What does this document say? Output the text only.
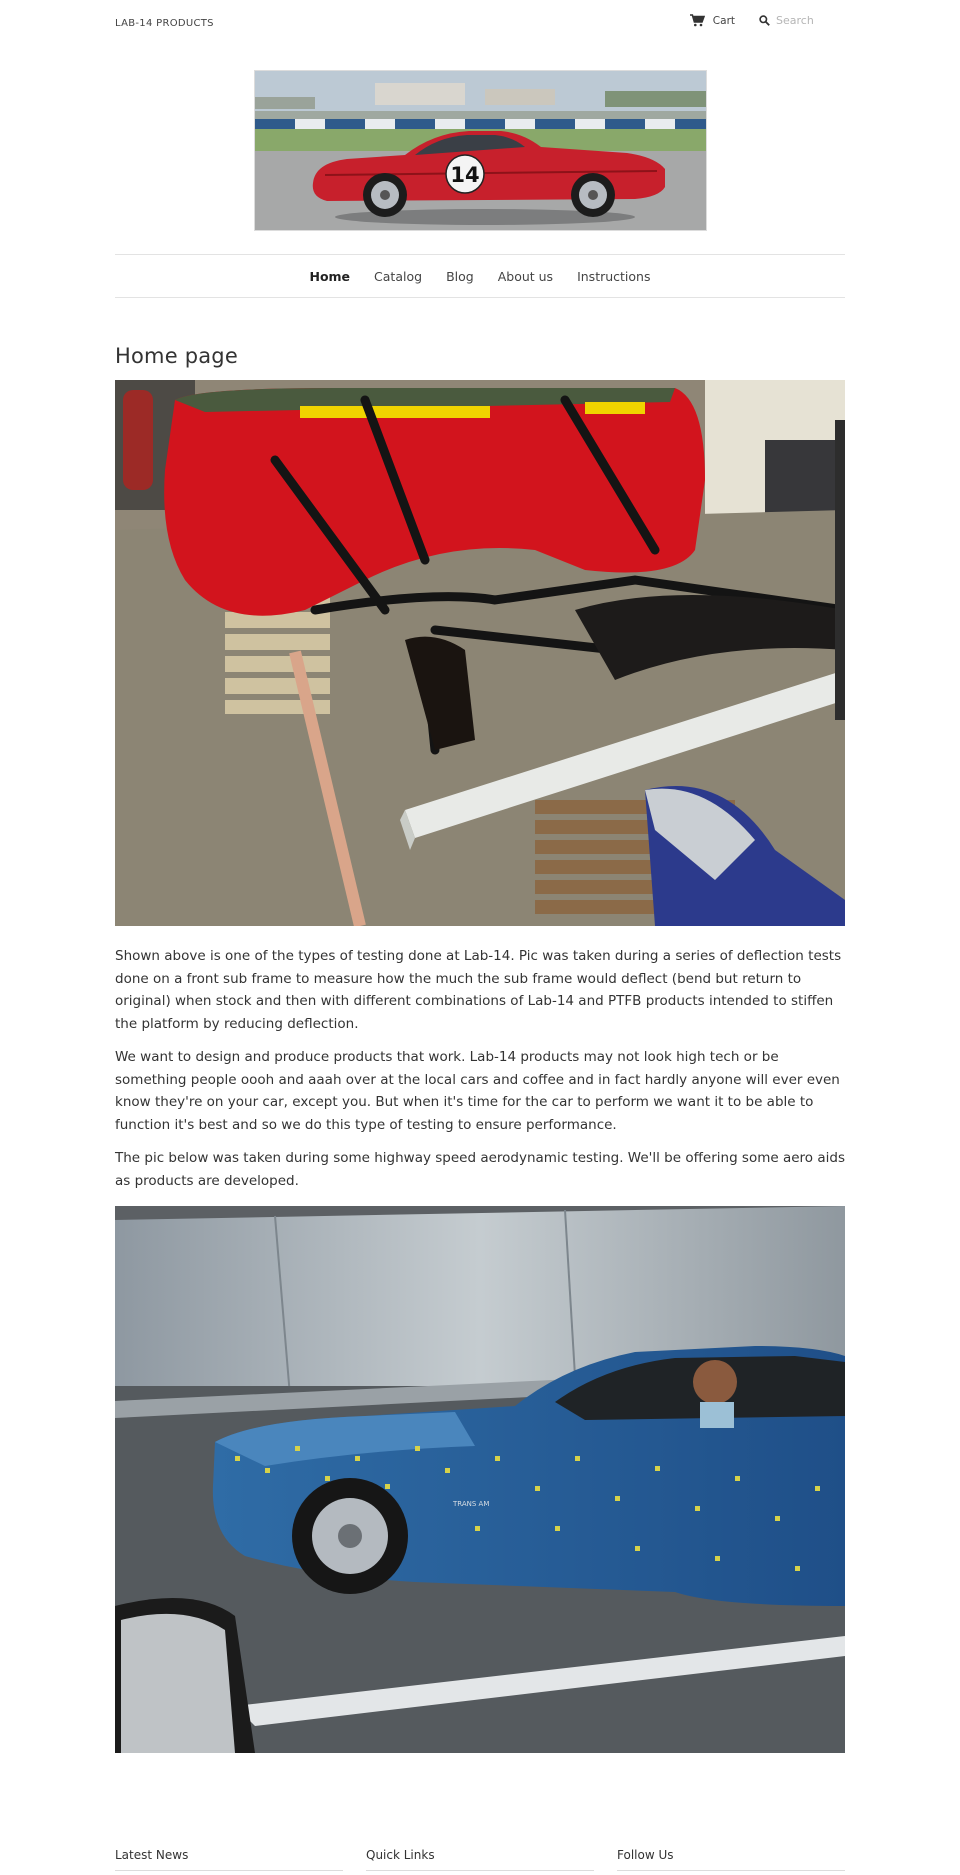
LAB-14 PRODUCTS	Cart
Search
14
Home Catalog Blog About us Instructions
Home page

Shown above is one of the types of testing done at Lab-14. Pic was taken during a series of deflection tests done on a front sub frame to measure how the much the sub frame would deflect (bend but return to original) when stock and then with different combinations of Lab-14 and PTFB products intended to stiffen the platform by reducing deflection.

We want to design and produce products that work. Lab-14 products may not look high tech or be something people oooh and aaah over at the local cars and coffee and in fact hardly anyone will ever even know they're on your car, except you. But when it's time for the car to perform we want it to be able to function it's best and so we do this type of testing to ensure performance.

The pic below was taken during some highway speed aerodynamic testing. We'll be offering some aero aids as products are developed.

TRANS AM
Latest News	Quick Links	Follow Us
